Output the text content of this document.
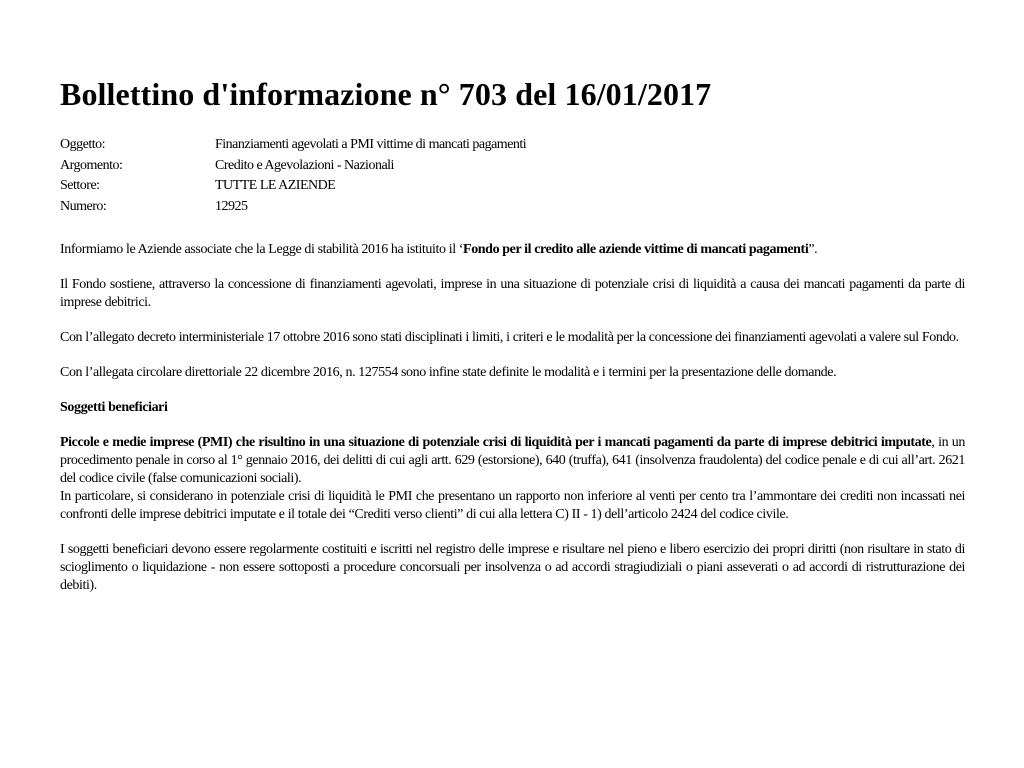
Bollettino d'informazione n° 703 del 16/01/2017
Oggetto:	Finanziamenti agevolati a PMI vittime di mancati pagamenti
Argomento:	Credito e Agevolazioni - Nazionali
Settore:	TUTTE LE AZIENDE
Numero:	12925

Informiamo le Aziende associate che la Legge di stabilità 2016 ha istituito il ‘Fondo per il credito alle aziende vittime di mancati pagamenti”.

Il Fondo sostiene, attraverso la concessione di finanziamenti agevolati, imprese in una situazione di potenziale crisi di liquidità a causa dei mancati pagamenti da parte di imprese debitrici.

Con l’allegato decreto interministeriale 17 ottobre 2016 sono stati disciplinati i limiti, i criteri e le modalità per la concessione dei finanziamenti agevolati a valere sul Fondo.

Con l’allegata circolare direttoriale 22 dicembre 2016, n. 127554 sono infine state definite le modalità e i termini per la presentazione delle domande.

Soggetti beneficiari

Piccole e medie imprese (PMI) che risultino in una situazione di potenziale crisi di liquidità per i mancati pagamenti da parte di imprese debitrici imputate, in un procedimento penale in corso al 1° gennaio 2016, dei delitti di cui agli artt. 629 (estorsione), 640 (truffa), 641 (insolvenza fraudolenta) del codice penale e di cui all’art. 2621 del codice civile (false comunicazioni sociali).

In particolare, si considerano in potenziale crisi di liquidità le PMI che presentano un rapporto non inferiore al venti per cento tra l’ammontare dei crediti non incassati nei confronti delle imprese debitrici imputate e il totale dei “Crediti verso clienti” di cui alla lettera C) II - 1) dell’articolo 2424 del codice civile.

I soggetti beneficiari devono essere regolarmente costituiti e iscritti nel registro delle imprese e risultare nel pieno e libero esercizio dei propri diritti (non risultare in stato di scioglimento o liquidazione - non essere sottoposti a procedure concorsuali per insolvenza o ad accordi stragiudiziali o piani asseverati o ad accordi di ristrutturazione dei debiti).
